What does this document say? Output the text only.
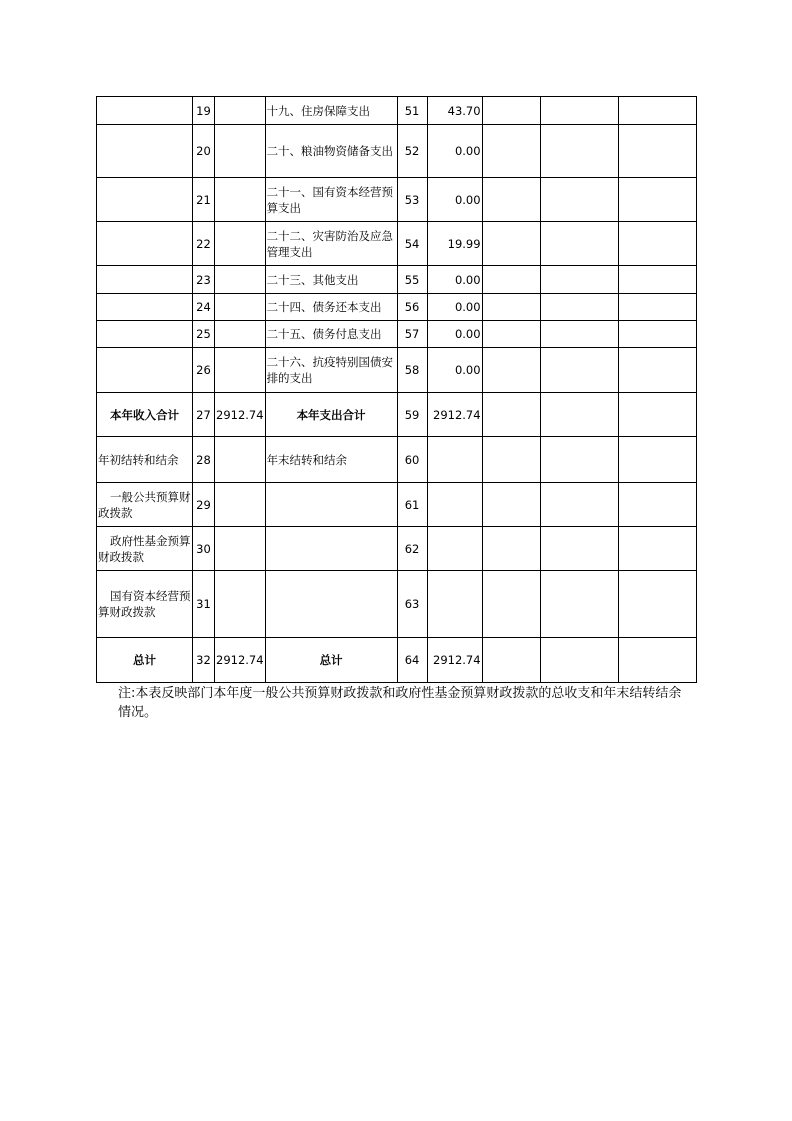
	19		十九、住房保障支出	51	43.70			
	20		二十、粮油物资储备支出	52	0.00			
	21		二十一、国有资本经营预算支出	53	0.00			
	22		二十二、灾害防治及应急管理支出	54	19.99			
	23		二十三、其他支出	55	0.00			
	24		二十四、债务还本支出	56	0.00			
	25		二十五、债务付息支出	57	0.00			
	26		二十六、抗疫特别国债安排的支出	58	0.00			
本年收入合计	27	2912.74	本年支出合计	59	2912.74			
年初结转和结余	28		年末结转和结余	60				
一般公共预算财政拨款	29			61				
政府性基金预算财政拨款	30			62				
国有资本经营预算财政拨款	31			63				
总计	32	2912.74	总计	64	2912.74			
注:本表反映部门本年度一般公共预算财政拨款和政府性基金预算财政拨款的总收支和年末结转结余情况。
